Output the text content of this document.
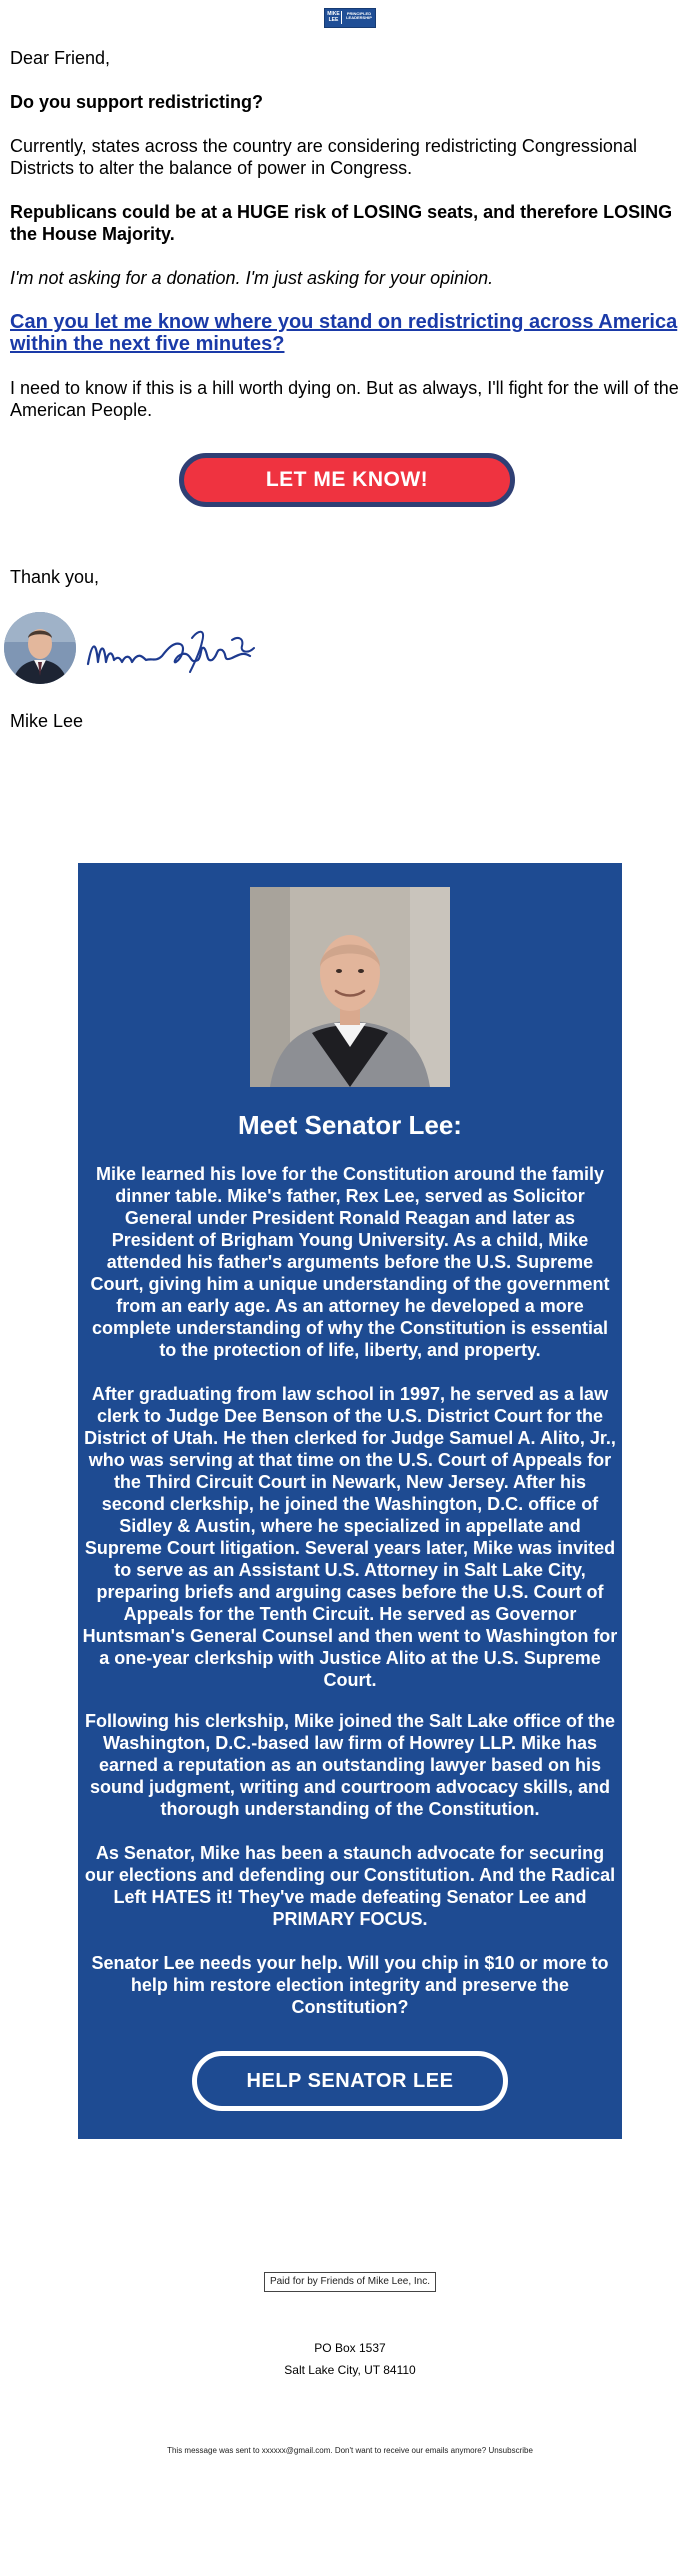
MIKE LEE
PRINCIPLED LEADERSHIP

Dear Friend,

Do you support redistricting?

Currently, states across the country are considering redistricting Congressional Districts to alter the balance of power in Congress.

Republicans could be at a HUGE risk of LOSING seats, and therefore LOSING the House Majority.

I'm not asking for a donation. I'm just asking for your opinion.

Can you let me know where you stand on redistricting across America within the next five minutes?

I need to know if this is a hill worth dying on. But as always, I'll fight for the will of the American People.

LET ME KNOW!

Thank you,

Mike Lee

Meet Senator Lee:

Mike learned his love for the Constitution around the family dinner table. Mike's father, Rex Lee, served as Solicitor General under President Ronald Reagan and later as President of Brigham Young University. As a child, Mike attended his father's arguments before the U.S. Supreme Court, giving him a unique understanding of the government from an early age. As an attorney he developed a more complete understanding of why the Constitution is essential to the protection of life, liberty, and property.

After graduating from law school in 1997, he served as a law clerk to Judge Dee Benson of the U.S. District Court for the District of Utah. He then clerked for Judge Samuel A. Alito, Jr., who was serving at that time on the U.S. Court of Appeals for the Third Circuit Court in Newark, New Jersey. After his second clerkship, he joined the Washington, D.C. office of Sidley & Austin, where he specialized in appellate and Supreme Court litigation. Several years later, Mike was invited to serve as an Assistant U.S. Attorney in Salt Lake City, preparing briefs and arguing cases before the U.S. Court of Appeals for the Tenth Circuit. He served as Governor Huntsman's General Counsel and then went to Washington for a one-year clerkship with Justice Alito at the U.S. Supreme Court.

Following his clerkship, Mike joined the Salt Lake office of the Washington, D.C.-based law firm of Howrey LLP. Mike has earned a reputation as an outstanding lawyer based on his sound judgment, writing and courtroom advocacy skills, and thorough understanding of the Constitution.

As Senator, Mike has been a staunch advocate for securing our elections and defending our Constitution. And the Radical Left HATES it! They've made defeating Senator Lee and PRIMARY FOCUS.

Senator Lee needs your help. Will you chip in $10 or more to help him restore election integrity and preserve the Constitution?

HELP SENATOR LEE
Paid for by Friends of Mike Lee, Inc.
PO Box 1537
Salt Lake City, UT 84110
This message was sent to xxxxxx@gmail.com. Don't want to receive our emails anymore? Unsubscribe
